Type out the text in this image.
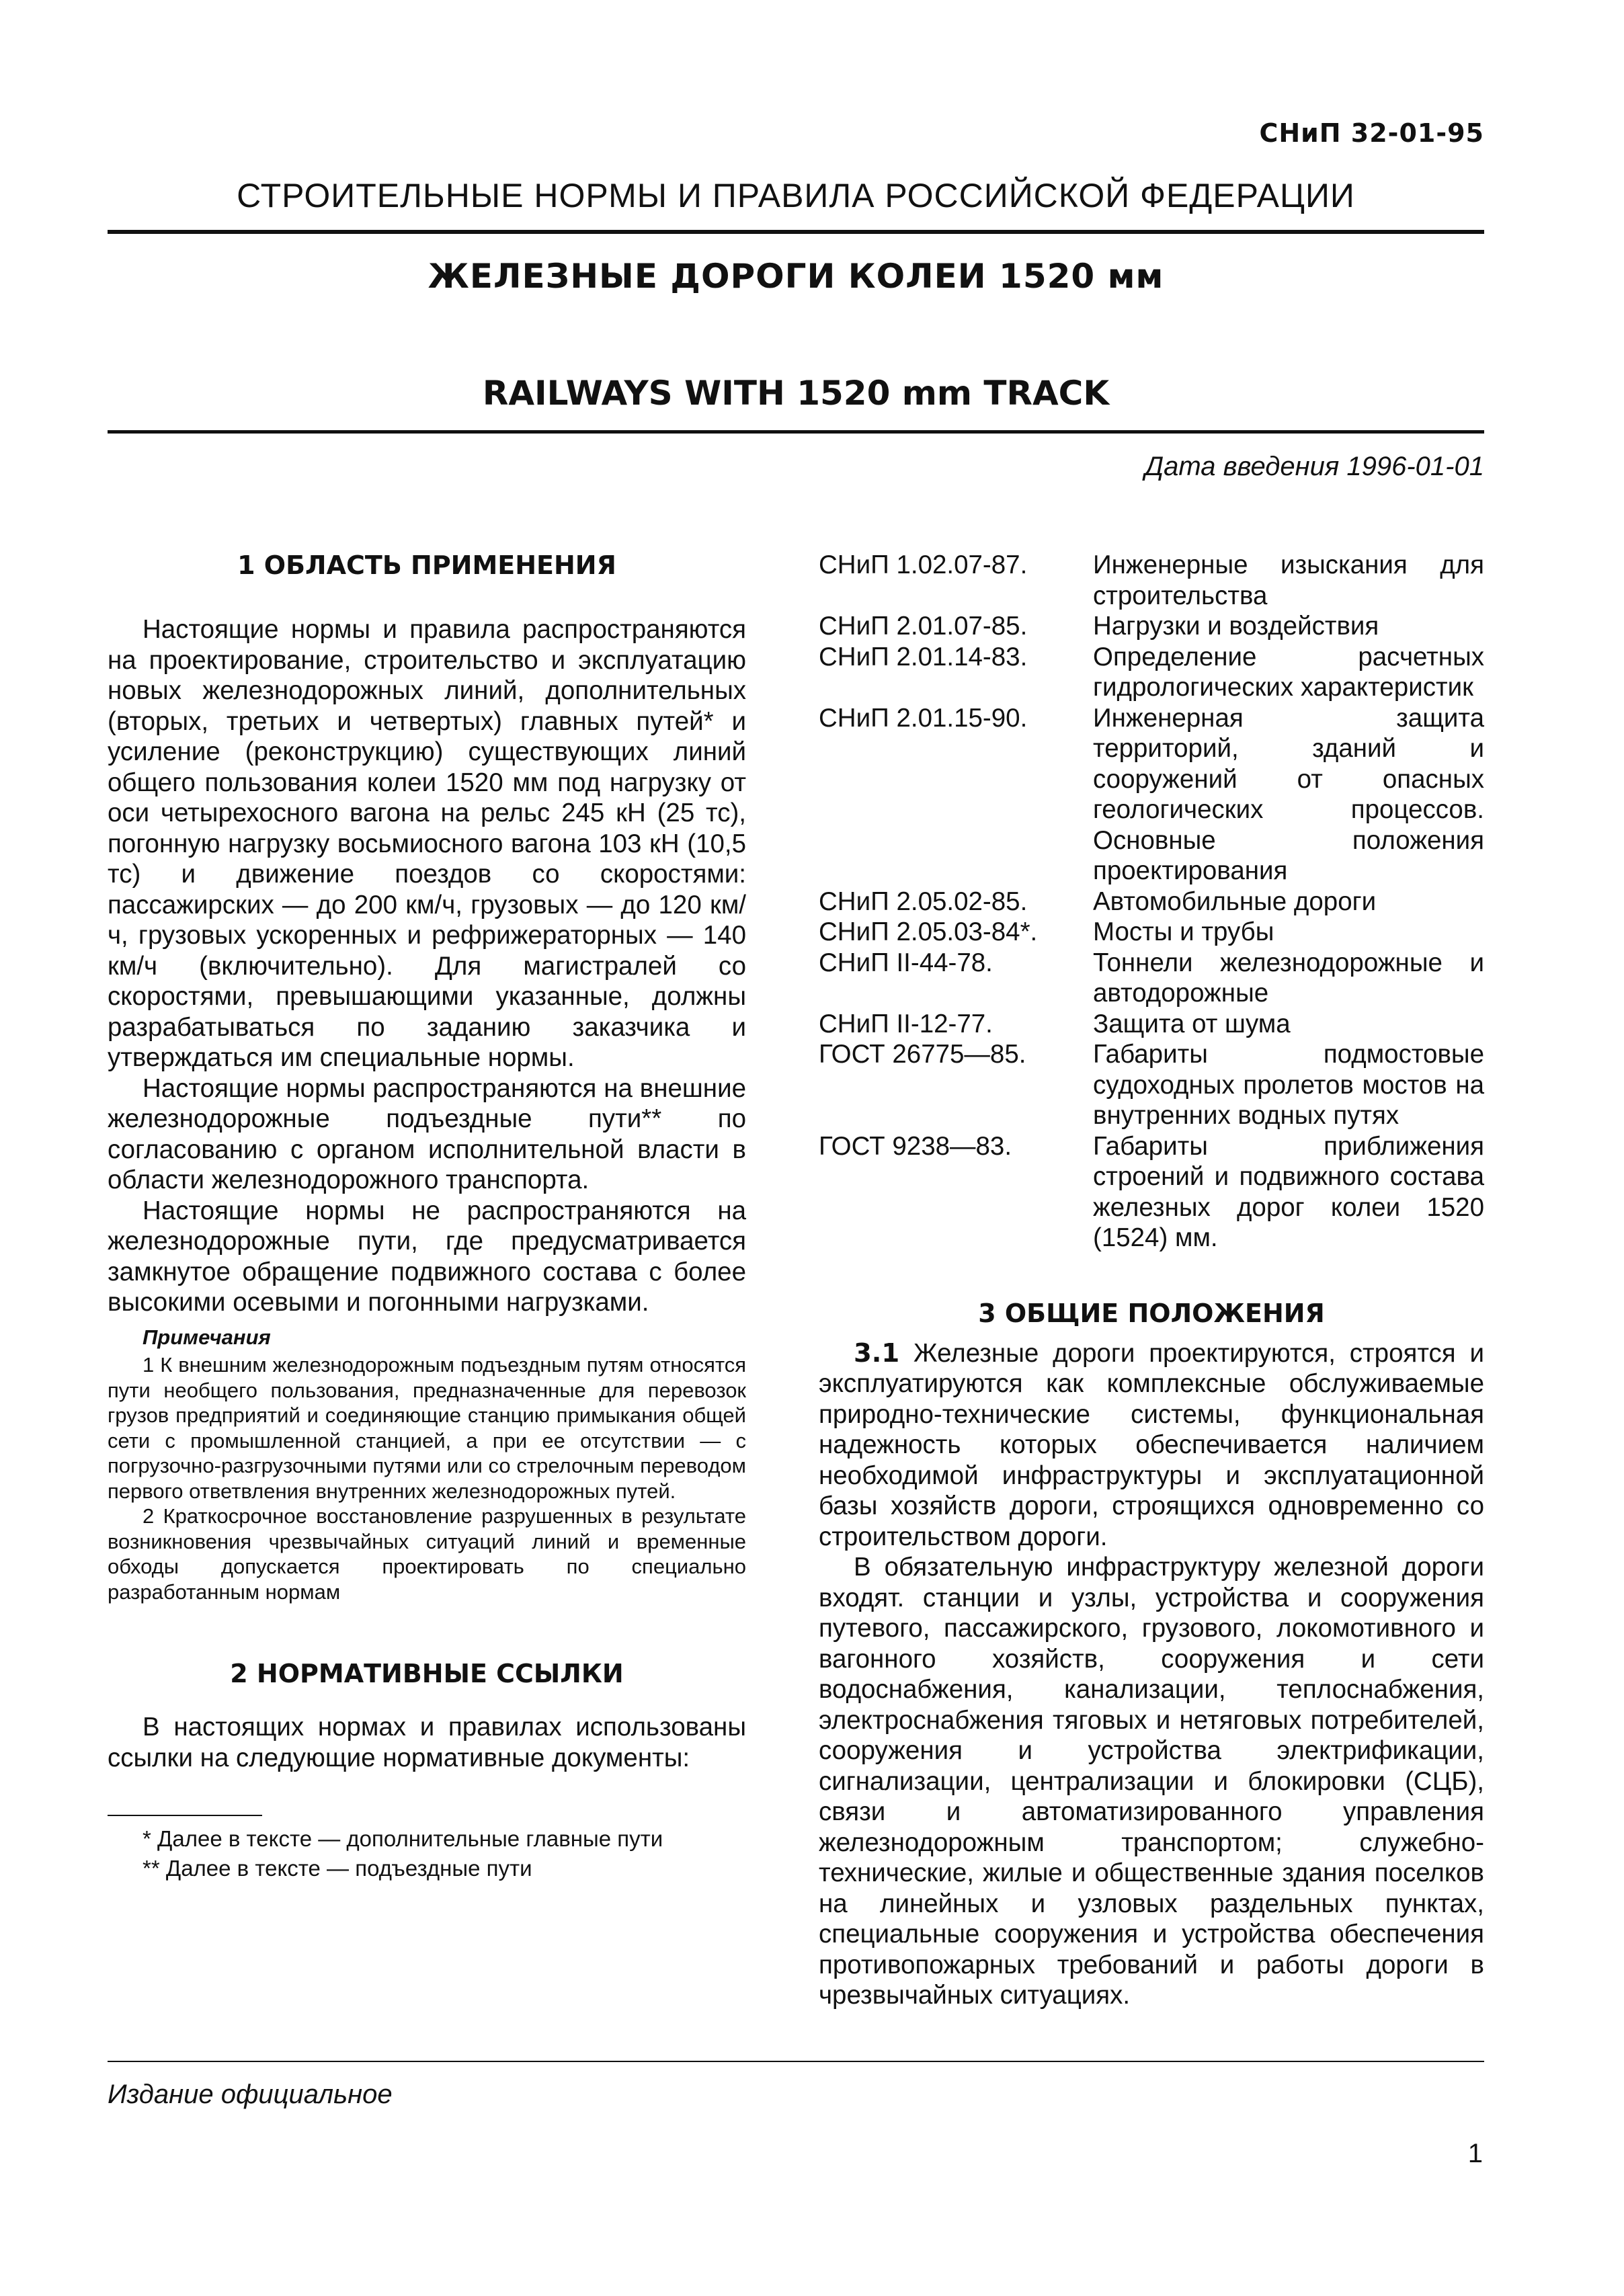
СНиП 32-01-95
СТРОИТЕЛЬНЫЕ НОРМЫ И ПРАВИЛА РОССИЙСКОЙ ФЕДЕРАЦИИ
ЖЕЛЕЗНЫЕ ДОРОГИ КОЛЕИ 1520 мм
RAILWAYS WITH 1520 mm TRACK
Дата введения 1996-01-01
1 ОБЛАСТЬ ПРИМЕНЕНИЯ

Настоящие нормы и правила распространяются на проектирование, строительство и эксплуатацию новых железнодорожных линий, дополнительных (вторых, третьих и четвертых) главных путей* и усиление (реконструкцию) существующих линий общего пользования колеи 1520 мм под нагрузку от оси четырехосного вагона на рельс 245 кН (25 тс), погонную нагрузку восьмиосного вагона 103 кН (10,5 тс) и движение поездов со скоростями: пассажирских — до 200 км/ч, грузовых — до 120 км/ч, грузовых ускоренных и рефрижераторных — 140 км/ч (включительно). Для магистралей со скоростями, превышающими указанные, должны разрабатываться по заданию заказчика и утверждаться им специальные нормы.

Настоящие нормы распространяются на внешние железнодорожные подъездные пути** по согласованию с органом исполнительной власти в области железнодорожного транспорта.

Настоящие нормы не распространяются на железнодорожные пути, где предусматривается замкнутое обращение подвижного состава с более высокими осевыми и погонными нагрузками.

Примечания

1 К внешним железнодорожным подъездным путям относятся пути необщего пользования, предназначенные для перевозок грузов предприятий и соединяющие станцию примыкания общей сети с промышленной станцией, а при ее отсутствии — с погрузочно-разгрузочными путями или со стрелочным переводом первого ответвления внутренних железнодорожных путей.

2 Краткосрочное восстановление разрушенных в результате возникновения чрезвычайных ситуаций линий и временные обходы допускается проектировать по специально разработанным нормам

2 НОРМАТИВНЫЕ ССЫЛКИ

В настоящих нормах и правилах использованы ссылки на следующие нормативные документы:

* Далее в тексте — дополнительные главные пути

** Далее в тексте — подъездные пути

СНиП 1.02.07-87.	Инженерные изыскания для строительства
СНиП 2.01.07-85.	Нагрузки и воздействия
СНиП 2.01.14-83.	Определение расчетных гидрологических характеристик
СНиП 2.01.15-90.	Инженерная защита территорий, зданий и сооружений от опасных геологических процессов. Основные положения проектирования
СНиП 2.05.02-85.	Автомобильные дороги
СНиП 2.05.03-84*.	Мосты и трубы
СНиП II-44-78.	Тоннели железнодорожные и автодорожные
СНиП II-12-77.	Защита от шума
ГОСТ 26775—85.	Габариты подмостовые судоходных пролетов мостов на внутренних водных путях
ГОСТ 9238—83.	Габариты приближения строений и подвижного состава железных дорог колеи 1520 (1524) мм.
3 ОБЩИЕ ПОЛОЖЕНИЯ

3.1 Железные дороги проектируются, строятся и эксплуатируются как комплексные обслуживаемые природно-технические системы, функциональная надежность которых обеспечивается наличием необходимой инфраструктуры и эксплуатационной базы хозяйств дороги, строящихся одновременно со строительством дороги.

В обязательную инфраструктуру железной дороги входят. станции и узлы, устройства и сооружения путевого, пассажирского, грузового, локомотивного и вагонного хозяйств, сооружения и сети водоснабжения, канализации, теплоснабжения, электроснабжения тяговых и нетяговых потребителей, сооружения и устройства электрификации, сигнализации, централизации и блокировки (СЦБ), связи и автоматизированного управления железнодорожным транспортом; служебно-технические, жилые и общественные здания поселков на линейных и узловых раздельных пунктах, специальные сооружения и устройства обеспечения противопожарных требований и работы дороги в чрезвычайных ситуациях.

Издание официальное
1
